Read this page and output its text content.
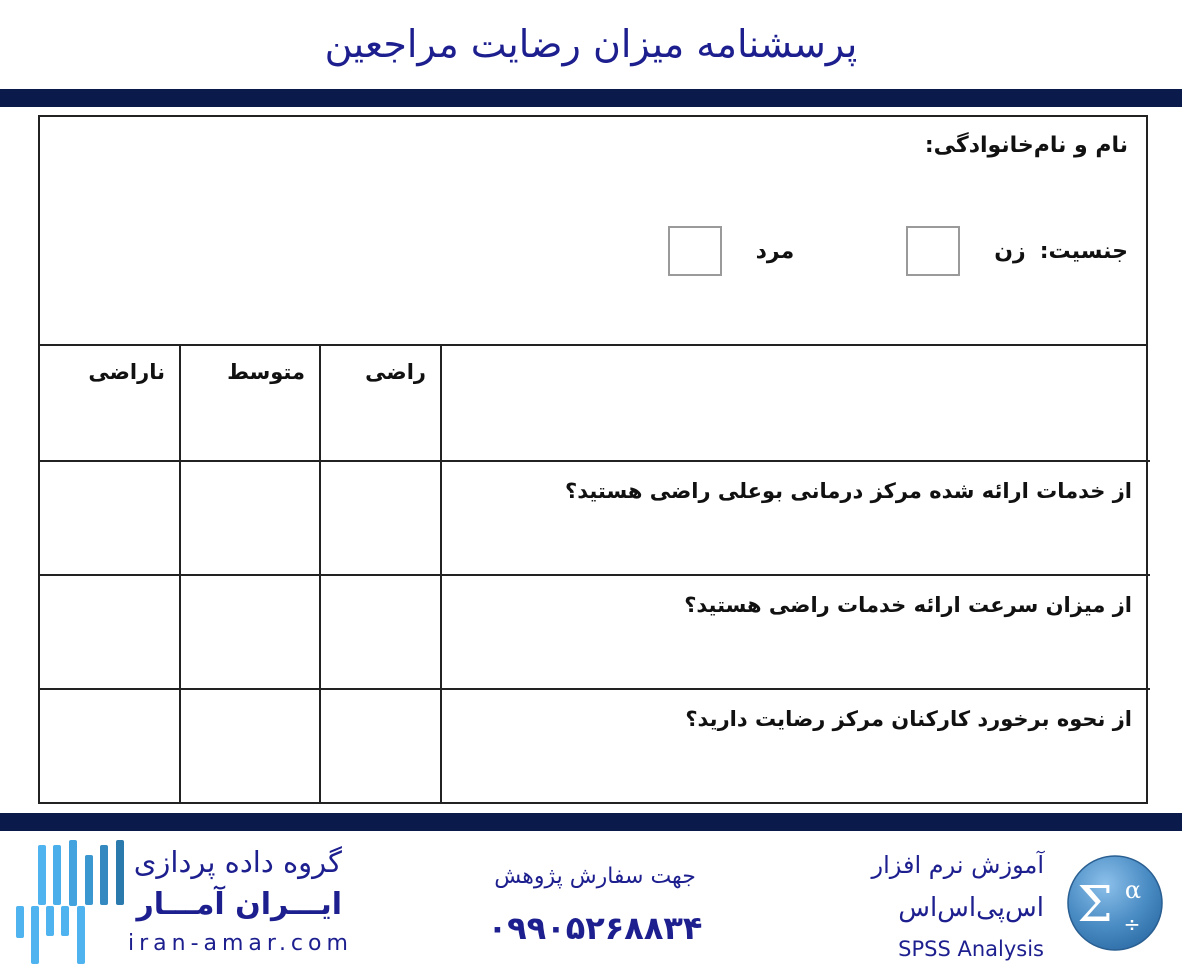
پرسشنامه میزان رضایت مراجعین
نام و نام‌خانوادگی:
جنسیت:
زن
مرد
	راضی	متوسط	ناراضی
از خدمات ارائه شده مرکز درمانی بوعلی راضی هستید؟			
از میزان سرعت ارائه خدمات راضی هستید؟			
از نحوه برخورد کارکنان مرکز رضایت دارید؟			
گروه داده پردازی
ایـــران آمـــار
iran-amar.com
جهت سفارش پژوهش
۰۹۹۰۵۲۶۸۸۳۴
آموزش نرم افزار
اس‌پی‌اس‌اس
SPSS Analysis
Σ α
÷
